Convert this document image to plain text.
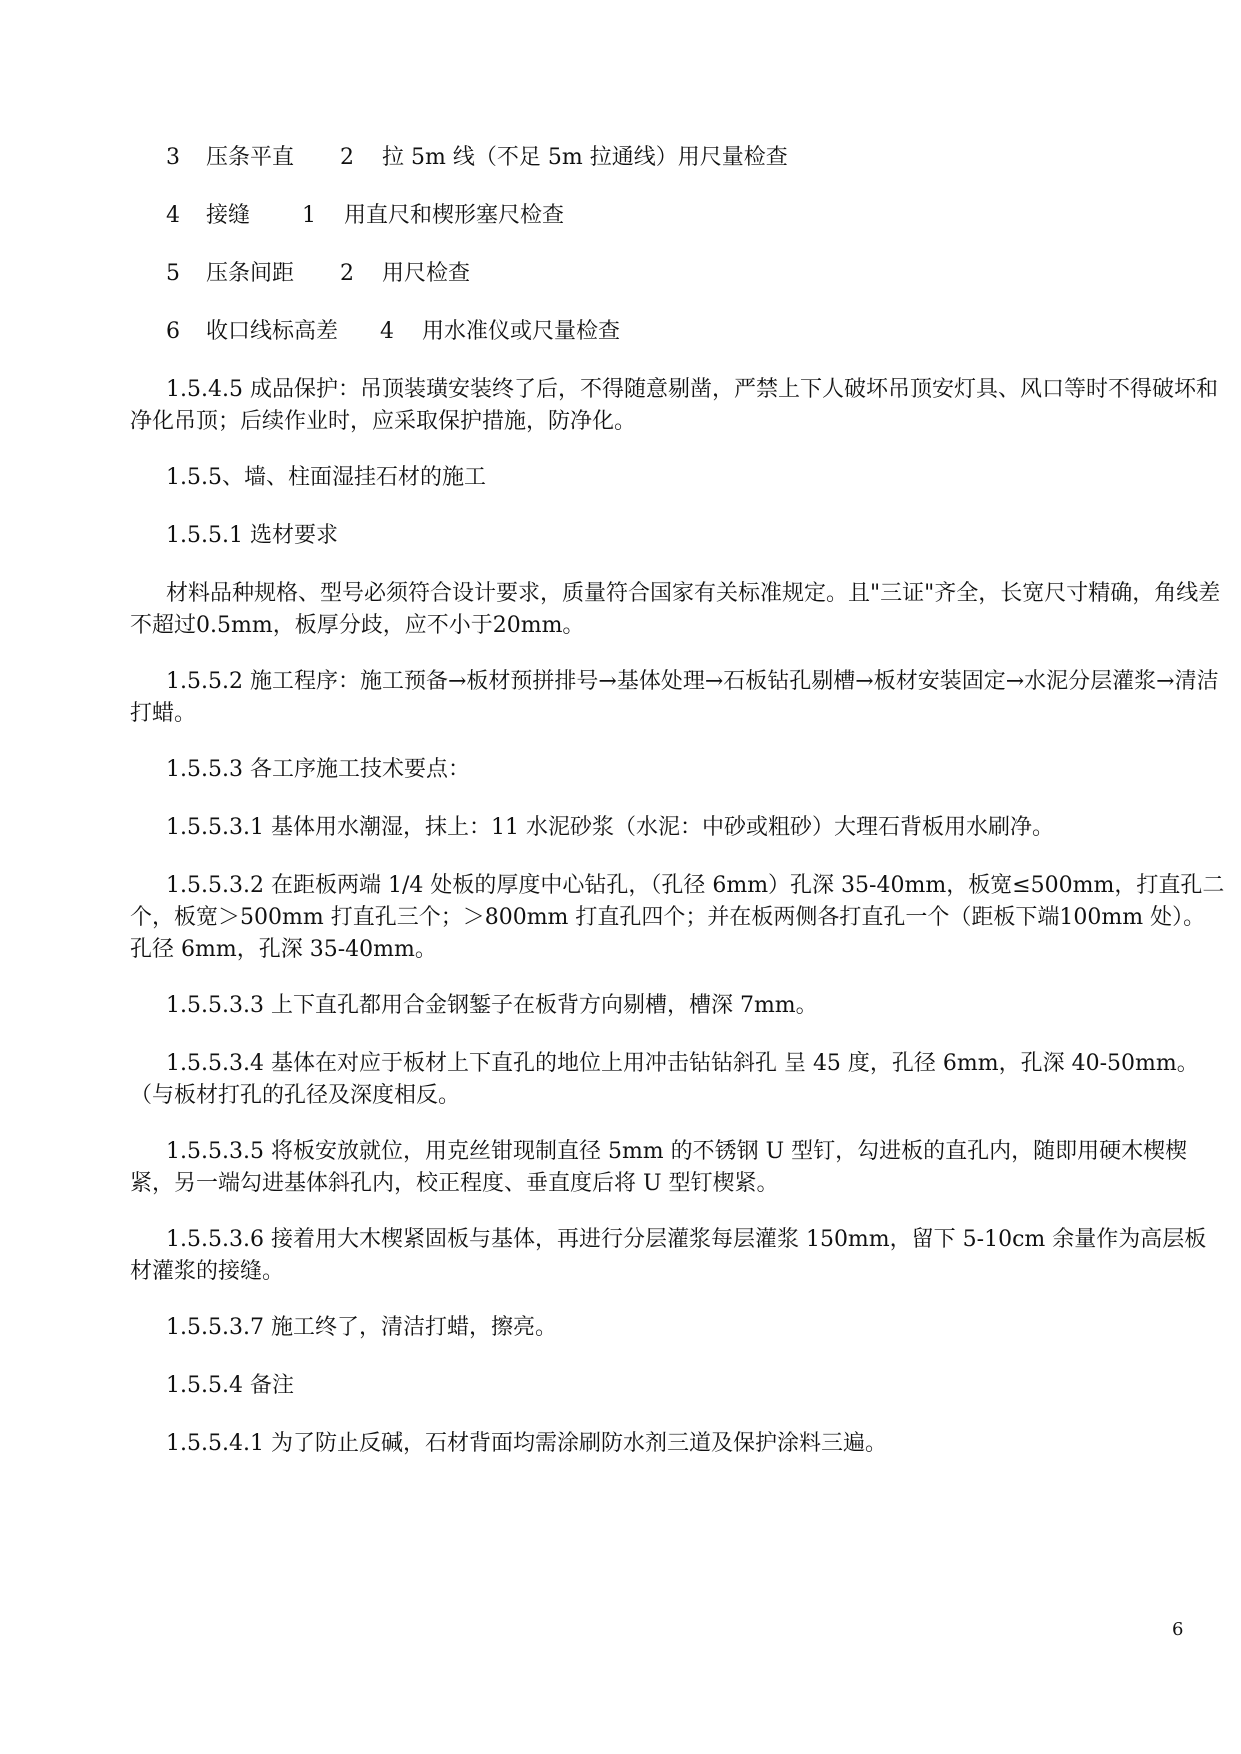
3 压条平直 2 拉 5m 线（不足 5m 拉通线）用尺量检查
4 接缝 1 用直尺和楔形塞尺检查
5 压条间距 2 用尺检查
6 收口线标高差 4 用水准仪或尺量检查
1.5.4.5 成品保护：吊顶装璜安装终了后，不得随意剔凿，严禁上下人破坏吊顶安灯具、风口等时不得破坏和净化吊顶；后续作业时，应采取保护措施，防净化。
1.5.5、墙、柱面湿挂石材的施工
1.5.5.1 选材要求
材料品种规格、型号必须符合设计要求，质量符合国家有关标准规定。且"三证"齐全，长宽尺寸精确，角线差不超过0.5mm，板厚分歧，应不小于20mm。
1.5.5.2 施工程序：施工预备→板材预拼排号→基体处理→石板钻孔剔槽→板材安装固定→水泥分层灌浆→清洁打蜡。
1.5.5.3 各工序施工技术要点：
1.5.5.3.1 基体用水潮湿，抹上：11 水泥砂浆（水泥：中砂或粗砂）大理石背板用水刷净。
1.5.5.3.2 在距板两端 1/4 处板的厚度中心钻孔，（孔径 6mm）孔深 35-40mm，板宽≤500mm，打直孔二个，板宽＞500mm 打直孔三个；＞800mm 打直孔四个；并在板两侧各打直孔一个（距板下端100mm 处）。孔径 6mm，孔深 35-40mm。
1.5.5.3.3 上下直孔都用合金钢錾子在板背方向剔槽，槽深 7mm。
1.5.5.3.4 基体在对应于板材上下直孔的地位上用冲击钻钻斜孔 呈 45 度，孔径 6mm，孔深 40-50mm。（与板材打孔的孔径及深度相反。
1.5.5.3.5 将板安放就位，用克丝钳现制直径 5mm 的不锈钢 U 型钉，勾进板的直孔内，随即用硬木楔楔紧，另一端勾进基体斜孔内，校正程度、垂直度后将 U 型钉楔紧。
1.5.5.3.6 接着用大木楔紧固板与基体，再进行分层灌浆每层灌浆 150mm，留下 5-10cm 余量作为高层板材灌浆的接缝。
1.5.5.3.7 施工终了，清洁打蜡，擦亮。
1.5.5.4 备注
1.5.5.4.1 为了防止反碱，石材背面均需涂刷防水剂三道及保护涂料三遍。
6
